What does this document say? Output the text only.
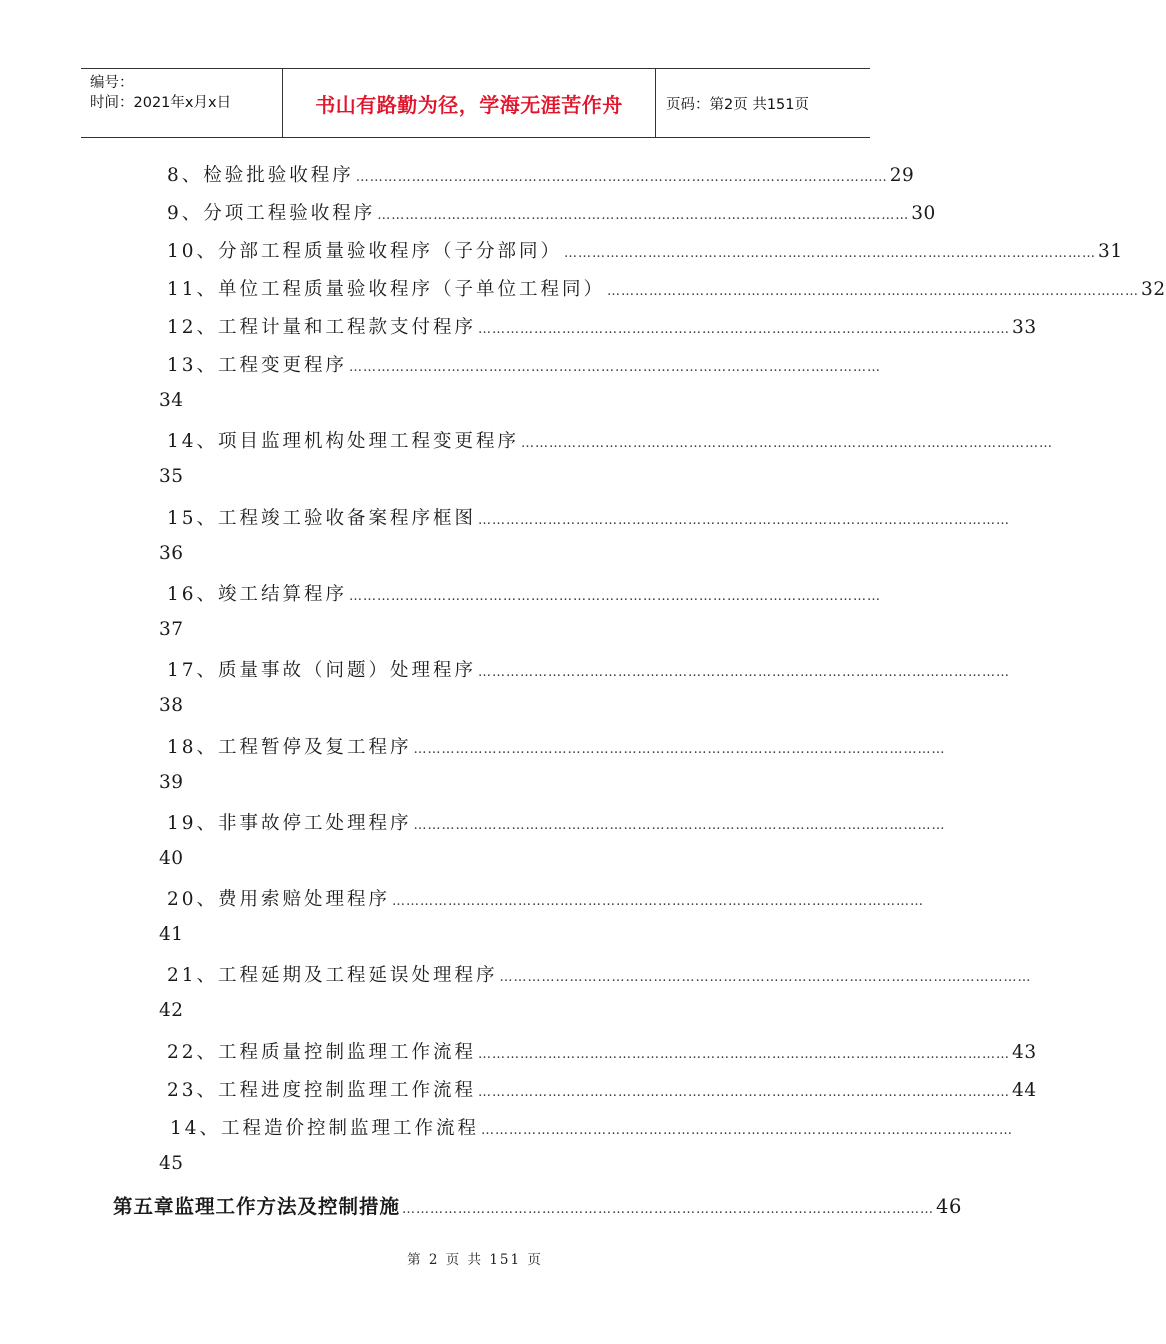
编号：
时间：2021年x月x日	书山有路勤为径，学海无涯苦作舟	页码：第2页 共151页
8、检验批验收程序 …………………………………………………………………………………………………… 29
9、分项工程验收程序 …………………………………………………………………………………………………… 30
10、分部工程质量验收程序（子分部同） …………………………………………………………………………………………………… 31
11、单位工程质量验收程序（子单位工程同） …………………………………………………………………………………………………… 32
12、工程计量和工程款支付程序 …………………………………………………………………………………………………… 33
13、工程变更程序 ……………………………………………………………………………………………………
34
14、项目监理机构处理工程变更程序 ……………………………………………………………………………………………………
35
15、工程竣工验收备案程序框图 ……………………………………………………………………………………………………
36
16、竣工结算程序 ……………………………………………………………………………………………………
37
17、质量事故（问题）处理程序 ……………………………………………………………………………………………………
38
18、工程暂停及复工程序 ……………………………………………………………………………………………………
39
19、非事故停工处理程序 ……………………………………………………………………………………………………
40
20、费用索赔处理程序 ……………………………………………………………………………………………………
41
21、工程延期及工程延误处理程序 ……………………………………………………………………………………………………
42
22、工程质量控制监理工作流程 …………………………………………………………………………………………………… 43
23、工程进度控制监理工作流程 …………………………………………………………………………………………………… 44
14、工程造价控制监理工作流程 ……………………………………………………………………………………………………
45
第五章 监理工作方法及控制措施 …………………………………………………………………………………………………… 46
第 2 页 共 151 页
